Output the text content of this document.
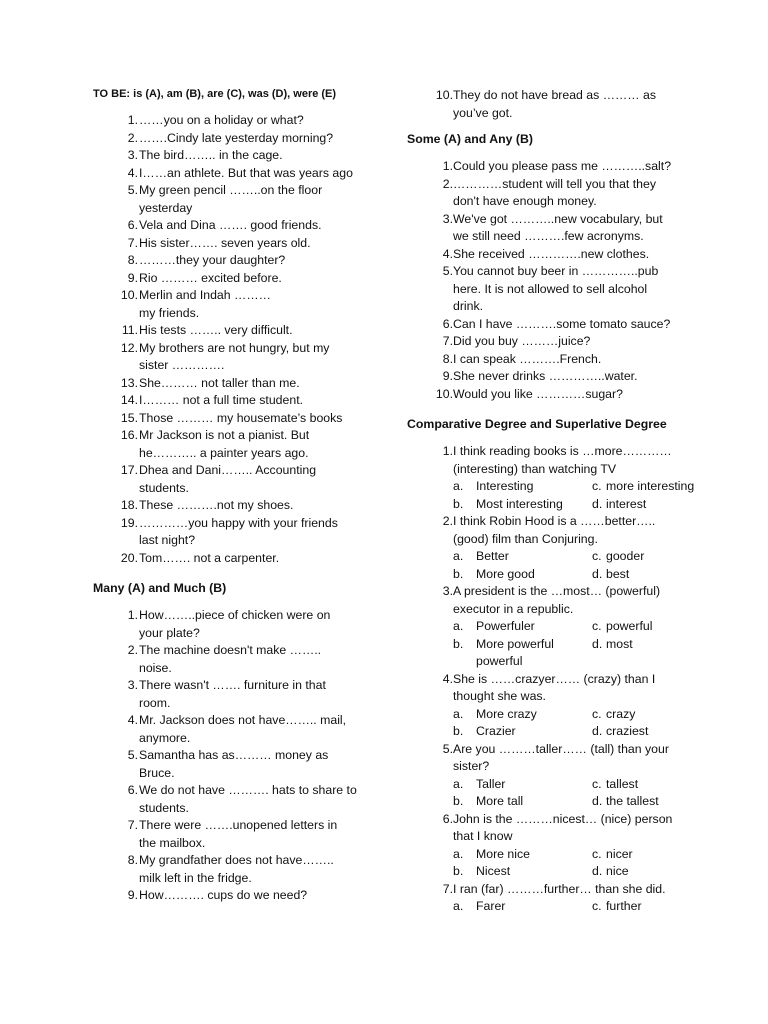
TO BE: is (A), am (B), are (C), was (D), were (E)
1. ……you on a holiday or what?
2. …….Cindy late yesterday morning?
3. The bird…….. in the cage.
4. I……an athlete. But that was years ago
5. My green pencil ……..on the floor
yesterday
6. Vela and Dina ……. good friends.
7. His sister……. seven years old.
8. ………they your daughter?
9. Rio ……… excited before.
10. Merlin and Indah ………
my friends.
11. His tests …….. very difficult.
12. My brothers are not hungry, but my
sister ………….
13. She……… not taller than me.
14. I……… not a full time student.
15. Those ……… my housemate’s books
16. Mr Jackson is not a pianist. But
he……….. a painter years ago.
17. Dhea and Dani…….. Accounting
students.
18. These ……….not my shoes.
19. …………you happy with your friends
last night?
20. Tom……. not a carpenter.
Many (A) and Much (B)
1. How……..piece of chicken were on
your plate?
2. The machine doesn't make ……..
noise.
3. There wasn't ……. furniture in that
room.
4. Mr. Jackson does not have…….. mail,
anymore.
5. Samantha has as……… money as
Bruce.
6. We do not have ………. hats to share to
students.
7. There were …….unopened letters in
the mailbox.
8. My grandfather does not have……..
milk left in the fridge.
9. How………. cups do we need?
10. They do not have bread as ……… as
you’ve got.
Some (A) and Any (B)
1. Could you please pass me ………..salt?
2. …………student will tell you that they
don't have enough money.
3. We've got ………..new vocabulary, but
we still need ……….few acronyms.
4. She received ………….new clothes.
5. You cannot buy beer in …………..pub
here. It is not allowed to sell alcohol
drink.
6. Can I have ……….some tomato sauce?
7. Did you buy ………juice?
8. I can speak ……….French.
9. She never drinks …………..water.
10. Would you like …………sugar?
Comparative Degree and Superlative Degree
1. I think reading books is …more…………
(interesting) than watching TV
a.	Interesting	c. more interesting
b.	Most interesting d. interest
2. I think Robin Hood is a ……better…..
(good) film than Conjuring.
a.	Better	c. gooder
b.	More good	d. best
3. A president is the …most… (powerful)
executor in a republic.
a.	Powerfuler	c. powerful
b.	More powerful	d. most
powerful
4. She is ……crazyer…… (crazy) than I
thought she was.
a.	More crazy	c. crazy
b.	Crazier	d. craziest
5. Are you ………taller…… (tall) than your
sister?
a.	Taller	c. tallest
b.	More tall	d. the tallest
6. John is the ………nicest… (nice) person
that I know
a.	More nice	c. nicer
b.	Nicest	d. nice
7. I ran (far) ………further… than she did.
a.	Farer	c. further
